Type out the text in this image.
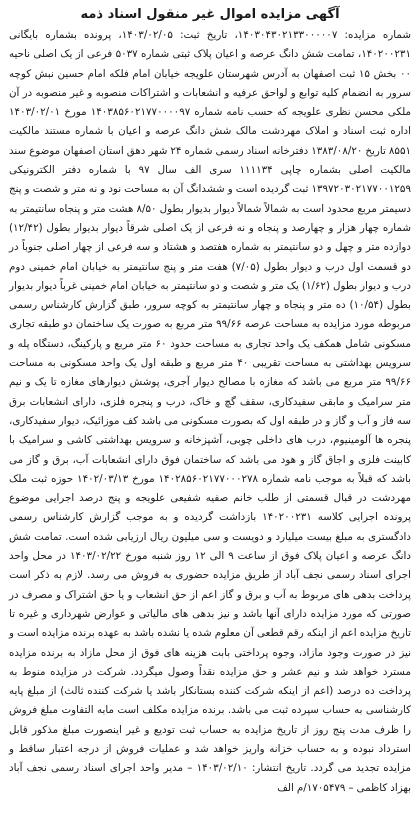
آگهی مزایده اموال غیر منقول اسناد ذمه

شماره مزایده: ۱۴۰۳۰۴۳۰۲۱۳۳۰۰۰۰۰۷، تاریخ ثبت: ۱۴۰۳/۰۲/۰۵، پرونده بشماره بایگانی ۱۴۰۲۰۰۲۳۱، تمامت شش دانگ عرصه و اعیان پلاک ثبتی شماره ۵۰۳۷ فرعی از یک اصلی ناحیه ۰۰ بخش ۱۵ ثبت اصفهان به آدرس شهرستان علویجه خیابان امام فلکه امام حسین نبش کوچه سرور به انضمام کلیه توابع و لواحق عرفیه و انشعابات و اشتراکات منصوبه و غیر منصوبه در آن ملکی محسن نظری علویجه که حسب نامه شماره ۱۴۰۳۸۵۶۰۲۱۷۷۰۰۰۰۹۷ مورخ ۱۴۰۳/۰۲/۰۱ اداره ثبت اسناد و املاک مهردشت مالک شش دانگ عرصه و اعیان با شماره مستند مالکیت ۸۵۵۱ تاریخ ۱۳۸۳/۰۸/۲۰ دفترخانه اسناد رسمی شماره ۲۴ شهر دهق استان اصفهان موضوع سند مالکیت اصلی بشماره چاپی ۱۱۱۱۳۴ سری الف سال ۹۷ با شماره دفتر الکترونیکی ۱۳۹۷۲۰۳۰۲۱۷۷۰۰۱۲۵۹ ثبت گردیده است و ششدانگ آن به مساحت نود و نه متر و شصت و پنج دسیمتر مربع محدود است به شمالاً شمالاً دیوار بدیوار بطول ۸/۵۰ هشت متر و پنجاه سانتیمتر به شماره چهار هزار و چهارصد و پنجاه و نه فرعی از یک اصلی شرقاً دیوار بدیوار بطول (۱۲/۴۲) دوازده متر و چهل و دو سانتیمتر به شماره هفتصد و هشتاد و سه فرعی از چهار اصلی جنوباً در دو قسمت اول درب و دیوار بطول (۷/۰۵) هفت متر و پنج سانتیمتر به خیابان امام خمینی دوم درب و دیوار بطول (۱/۶۲) یک متر و شصت و دو سانتیمتر به خیابان امام خمینی غرباً دیوار بدیوار بطول (۱۰/۵۴) ده متر و پنجاه و چهار سانتیمتر به کوچه سرور، طبق گزارش کارشناس رسمی مربوطه مورد مزایده به مساحت عرصه ۹۹/۶۶ متر مربع به صورت یک ساختمان دو طبقه تجاری مسکونی شامل همکف یک واحد تجاری به مساحت حدود ۶۰ متر مربع و پارکینگ، دستگاه پله و سرویس بهداشتی به مساحت تقریبی ۴۰ متر مربع و طبقه اول یک واحد مسکونی به مساحت ۹۹/۶۶ متر مربع می باشد که مغازه با مصالح دیوار آجری، پوشش دیوارهای مغازه تا یک و نیم متر سرامیک و مابقی سفیدکاری، سقف گچ و خاک، درب و پنجره فلزی، دارای انشعابات برق سه فاز و آب و گاز و در طبقه اول که بصورت مسکونی می باشد کف موزائیک، دیوار سفیدکاری، پنجره ها آلومینیوم، درب های داخلی چوبی، آشپزخانه و سرویس بهداشتی کاشی و سرامیک با کابینت فلزی و اجاق گاز و هود می باشد که ساختمان فوق دارای انشعابات آب، برق و گاز می باشد که قبلاً به موجب نامه شماره ۱۴۰۲۸۵۶۰۲۱۷۷۰۰۰۲۷۸ مورخ ۱۴۰۲/۰۳/۱۳ حوزه ثبت ملک مهردشت در قبال قسمتی از طلب خانم صفیه شفیعی علویجه و پنج درصد اجرایی موضوع پرونده اجرایی کلاسه ۱۴۰۲۰۰۲۳۱ بازداشت گردیده و به موجب گزارش کارشناس رسمی دادگستری به مبلغ بیست میلیارد و دویست و سی میلیون ریال ارزیابی شده است. تمامت شش دانگ عرصه و اعیان پلاک فوق از ساعت ۹ الی ۱۲ روز شنبه مورخ ۱۴۰۳/۰۲/۲۲ در محل واحد اجرای اسناد رسمی نجف آباد از طریق مزایده حضوری به فروش می رسد. لازم به ذکر است پرداخت بدهی های مربوط به آب و برق و گاز اعم از حق انشعاب و یا حق اشتراک و مصرف در صورتی که مورد مزایده دارای آنها باشد و نیز بدهی های مالیاتی و عوارض شهرداری و غیره تا تاریخ مزایده اعم از اینکه رقم قطعی آن معلوم شده یا نشده باشد به عهده برنده مزایده است و نیز در صورت وجود مازاد، وجوه پرداختی بابت هزینه های فوق از محل مازاد به برنده مزایده مسترد خواهد شد و نیم عشر و حق مزایده نقداً وصول میگردد. شرکت در مزایده منوط به پرداخت ده درصد (اعم از اینکه شرکت کننده بستانکار باشد یا شرکت کننده ثالث) از مبلغ پایه کارشناسی به حساب سپرده ثبت می باشد. برنده مزایده مکلف است مابه التفاوت مبلغ فروش را ظرف مدت پنج روز از تاریخ مزایده به حساب ثبت تودیع و غیر اینصورت مبلغ مذکور قابل استرداد نبوده و به حساب خزانه واریز خواهد شد و عملیات فروش از درجه اعتبار ساقط و مزایده تجدید می گردد. تاریخ انتشار: ۱۴۰۳/۰۲/۱۰ – مدیر واحد اجرای اسناد رسمی نجف آباد بهزاد کاظمی – ۱۷۰۵۴۷۹/م الف
